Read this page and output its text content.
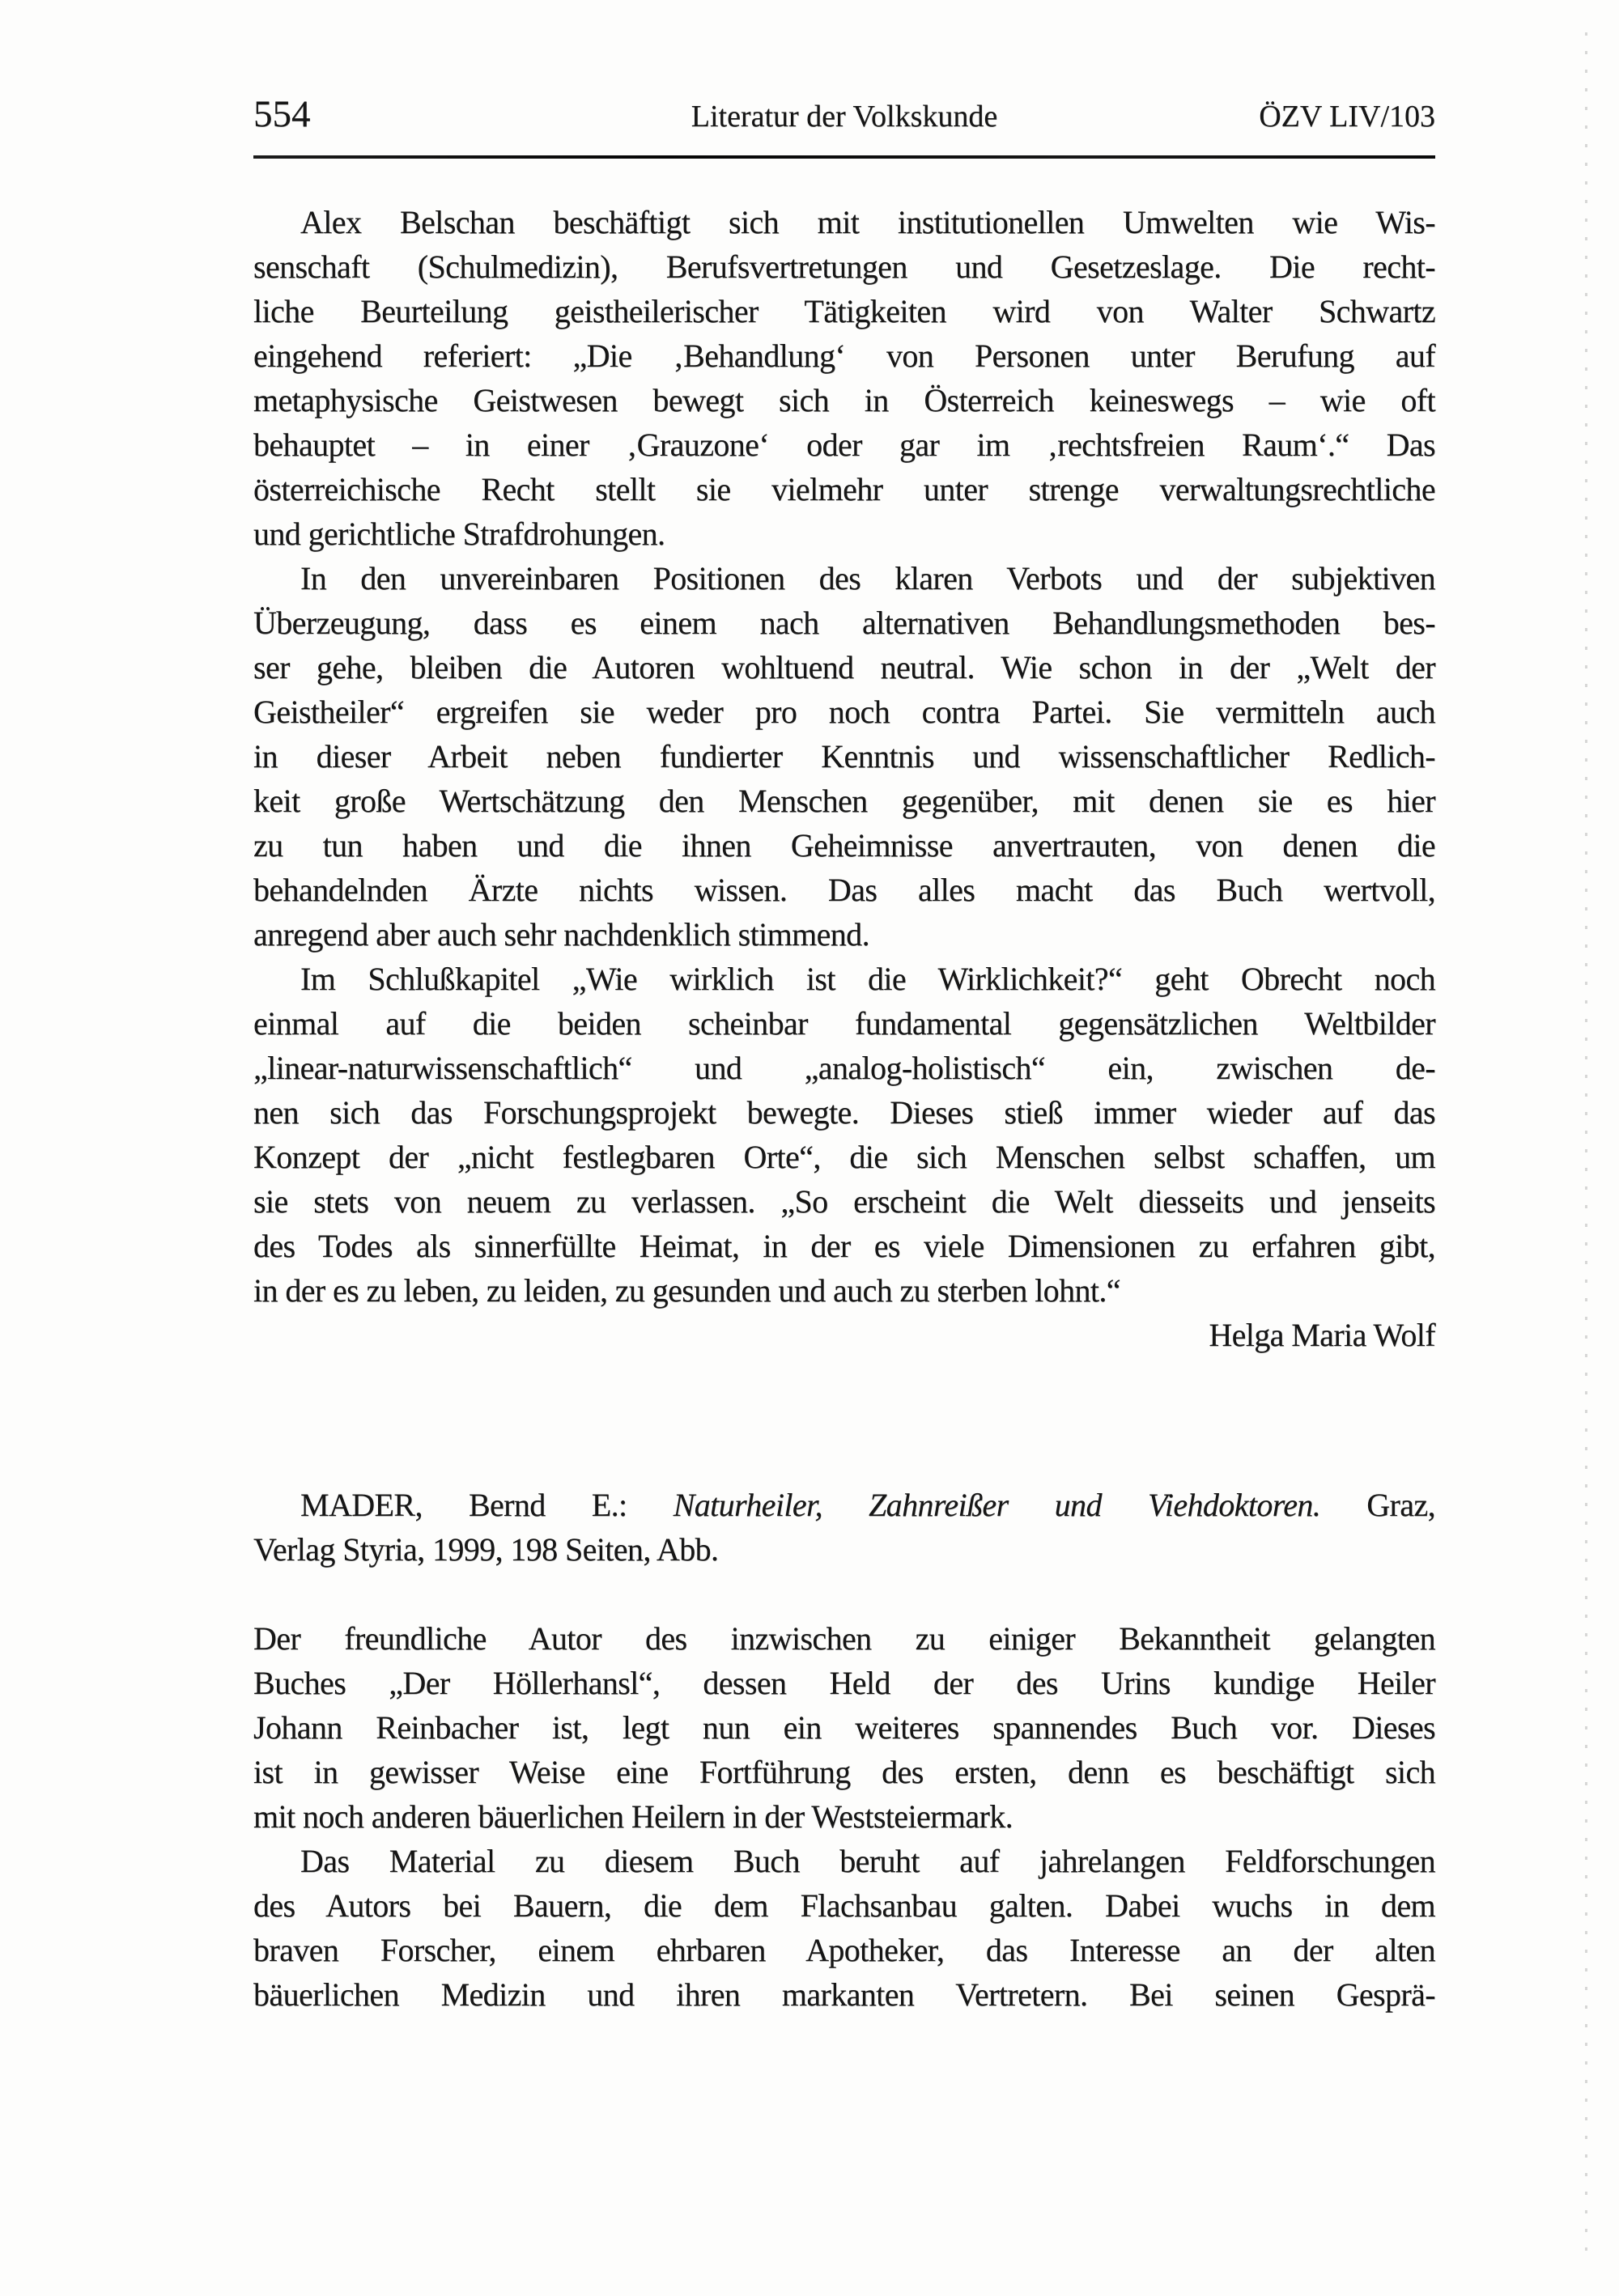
554	Literatur der Volkskunde	ÖZV LIV/103
Alex Belschan beschäftigt sich mit institutionellen Umwelten wie Wis-
senschaft (Schulmedizin), Berufsvertretungen und Gesetzeslage. Die recht-
liche Beurteilung geistheilerischer Tätigkeiten wird von Walter Schwartz
eingehend referiert: „Die ‚Behandlung‘ von Personen unter Berufung auf
metaphysische Geistwesen bewegt sich in Österreich keineswegs – wie oft
behauptet – in einer ‚Grauzone‘ oder gar im ‚rechtsfreien Raum‘.“ Das
österreichische Recht stellt sie vielmehr unter strenge verwaltungsrechtliche
und gerichtliche Strafdrohungen.
In den unvereinbaren Positionen des klaren Verbots und der subjektiven
Überzeugung, dass es einem nach alternativen Behandlungsmethoden bes-
ser gehe, bleiben die Autoren wohltuend neutral. Wie schon in der „Welt der
Geistheiler“ ergreifen sie weder pro noch contra Partei. Sie vermitteln auch
in dieser Arbeit neben fundierter Kenntnis und wissenschaftlicher Redlich-
keit große Wertschätzung den Menschen gegenüber, mit denen sie es hier
zu tun haben und die ihnen Geheimnisse anvertrauten, von denen die
behandelnden Ärzte nichts wissen. Das alles macht das Buch wertvoll,
anregend aber auch sehr nachdenklich stimmend.
Im Schlußkapitel „Wie wirklich ist die Wirklichkeit?“ geht Obrecht noch
einmal auf die beiden scheinbar fundamental gegensätzlichen Weltbilder
„linear-naturwissenschaftlich“ und „analog-holistisch“ ein, zwischen de-
nen sich das Forschungsprojekt bewegte. Dieses stieß immer wieder auf das
Konzept der „nicht festlegbaren Orte“, die sich Menschen selbst schaffen, um
sie stets von neuem zu verlassen. „So erscheint die Welt diesseits und jenseits
des Todes als sinnerfüllte Heimat, in der es viele Dimensionen zu erfahren gibt,
in der es zu leben, zu leiden, zu gesunden und auch zu sterben lohnt.“
Helga Maria Wolf
MADER, Bernd E.: Naturheiler, Zahnreißer und Viehdoktoren. Graz,
Verlag Styria, 1999, 198 Seiten, Abb.
Der freundliche Autor des inzwischen zu einiger Bekanntheit gelangten
Buches „Der Höllerhansl“, dessen Held der des Urins kundige Heiler
Johann Reinbacher ist, legt nun ein weiteres spannendes Buch vor. Dieses
ist in gewisser Weise eine Fortführung des ersten, denn es beschäftigt sich
mit noch anderen bäuerlichen Heilern in der Weststeiermark.
Das Material zu diesem Buch beruht auf jahrelangen Feldforschungen
des Autors bei Bauern, die dem Flachsanbau galten. Dabei wuchs in dem
braven Forscher, einem ehrbaren Apotheker, das Interesse an der alten
bäuerlichen Medizin und ihren markanten Vertretern. Bei seinen Gesprä-
